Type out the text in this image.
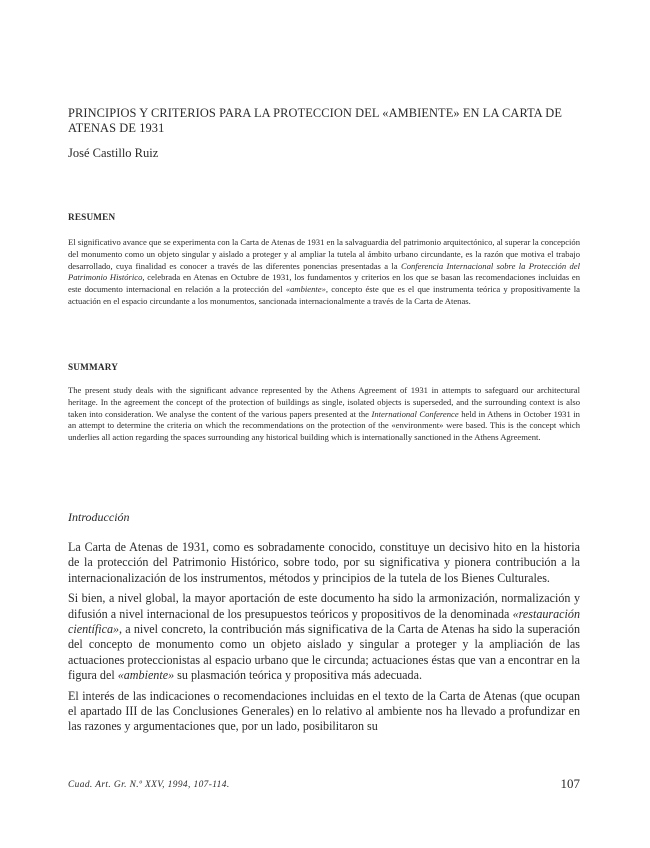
PRINCIPIOS Y CRITERIOS PARA LA PROTECCION DEL «AMBIENTE» EN LA CARTA DE ATENAS DE 1931
José Castillo Ruiz
RESUMEN

El significativo avance que se experimenta con la Carta de Atenas de 1931 en la salvaguardia del patrimonio arquitectónico, al superar la concepción del monumento como un objeto singular y aislado a proteger y al ampliar la tutela al ámbito urbano circundante, es la razón que motiva el trabajo desarrollado, cuya finalidad es conocer a través de las diferentes ponencias presentadas a la Conferencia Internacional sobre la Protección del Patrimonio Histórico, celebrada en Atenas en Octubre de 1931, los fundamentos y criterios en los que se basan las recomendaciones incluidas en este documento internacional en relación a la protección del «ambiente», concepto éste que es el que instrumenta teórica y propositivamente la actuación en el espacio circundante a los monumentos, sancionada internacionalmente a través de la Carta de Atenas.

SUMMARY

The present study deals with the significant advance represented by the Athens Agreement of 1931 in attempts to safeguard our architectural heritage. In the agreement the concept of the protection of buildings as single, isolated objects is superseded, and the surrounding context is also taken into consideration. We analyse the content of the various papers presented at the International Conference held in Athens in October 1931 in an attempt to determine the criteria on which the recommendations on the protection of the «environment» were based. This is the concept which underlies all action regarding the spaces surrounding any historical building which is internationally sanctioned in the Athens Agreement.

Introducción

La Carta de Atenas de 1931, como es sobradamente conocido, constituye un decisivo hito en la historia de la protección del Patrimonio Histórico, sobre todo, por su significativa y pionera contribución a la internacionalización de los instrumentos, métodos y principios de la tutela de los Bienes Culturales.

Si bien, a nivel global, la mayor aportación de este documento ha sido la armonización, normalización y difusión a nivel internacional de los presupuestos teóricos y propositivos de la denominada «restauración científica», a nivel concreto, la contribución más significativa de la Carta de Atenas ha sido la superación del concepto de monumento como un objeto aislado y singular a proteger y la ampliación de las actuaciones proteccionistas al espacio urbano que le circunda; actuaciones éstas que van a encontrar en la figura del «ambiente» su plasmación teórica y propositiva más adecuada.

El interés de las indicaciones o recomendaciones incluidas en el texto de la Carta de Atenas (que ocupan el apartado III de las Conclusiones Generales) en lo relativo al ambiente nos ha llevado a profundizar en las razones y argumentaciones que, por un lado, posibilitaron su

Cuad. Art. Gr. N.º XXV, 1994, 107-114.	107
